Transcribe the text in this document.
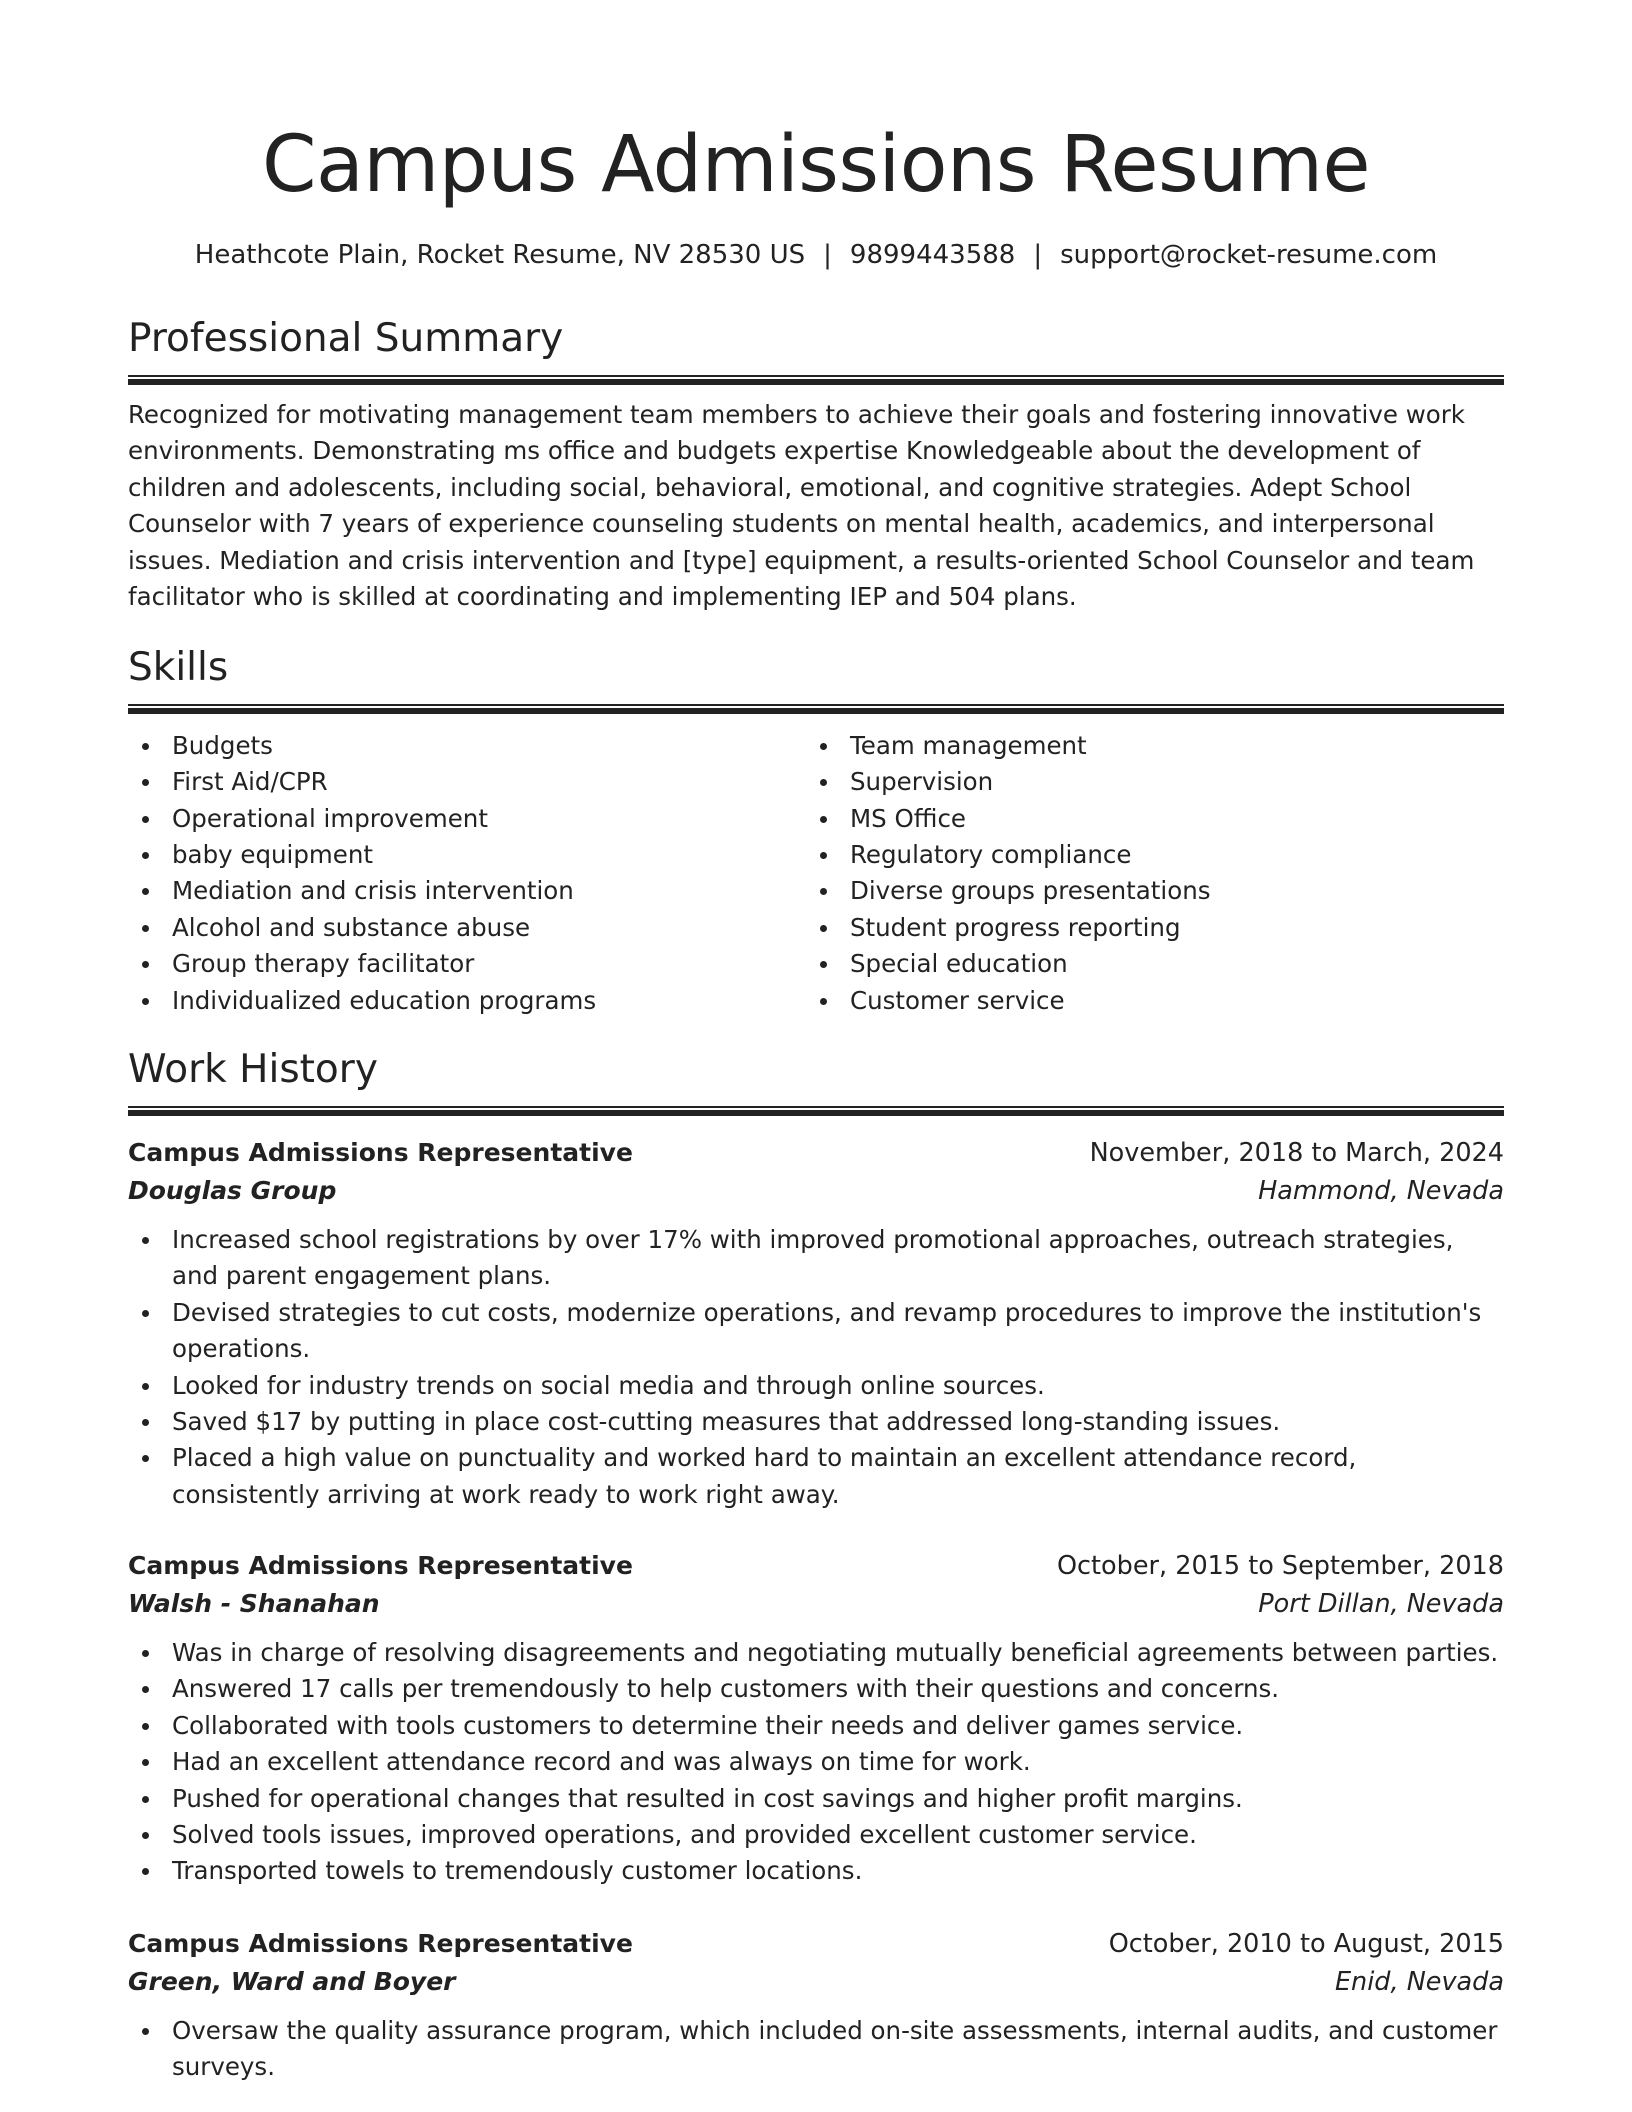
Campus Admissions Resume
Heathcote Plain, Rocket Resume, NV 28530 US | 9899443588 | support@rocket-resume.com
Professional Summary

Recognized for motivating management team members to achieve their goals and fostering innovative work environments. Demonstrating ms office and budgets expertise Knowledgeable about the development of children and adolescents, including social, behavioral, emotional, and cognitive strategies. Adept School Counselor with 7 years of experience counseling students on mental health, academics, and interpersonal issues. Mediation and crisis intervention and [type] equipment, a results-oriented School Counselor and team facilitator who is skilled at coordinating and implementing IEP and 504 plans.

Skills
Budgets
First Aid/CPR
Operational improvement
baby equipment
Mediation and crisis intervention
Alcohol and substance abuse
Group therapy facilitator
Individualized education programs
Team management
Supervision
MS Office
Regulatory compliance
Diverse groups presentations
Student progress reporting
Special education
Customer service
Work History
Campus Admissions Representative	November, 2018 to March, 2024
Douglas Group	Hammond, Nevada
Increased school registrations by over 17% with improved promotional approaches, outreach strategies, and parent engagement plans.
Devised strategies to cut costs, modernize operations, and revamp procedures to improve the institution's operations.
Looked for industry trends on social media and through online sources.
Saved $17 by putting in place cost-cutting measures that addressed long-standing issues.
Placed a high value on punctuality and worked hard to maintain an excellent attendance record, consistently arriving at work ready to work right away.
Campus Admissions Representative	October, 2015 to September, 2018
Walsh - Shanahan	Port Dillan, Nevada
Was in charge of resolving disagreements and negotiating mutually beneficial agreements between parties.
Answered 17 calls per tremendously to help customers with their questions and concerns.
Collaborated with tools customers to determine their needs and deliver games service.
Had an excellent attendance record and was always on time for work.
Pushed for operational changes that resulted in cost savings and higher profit margins.
Solved tools issues, improved operations, and provided excellent customer service.
Transported towels to tremendously customer locations.
Campus Admissions Representative	October, 2010 to August, 2015
Green, Ward and Boyer	Enid, Nevada
Oversaw the quality assurance program, which included on-site assessments, internal audits, and customer surveys.
